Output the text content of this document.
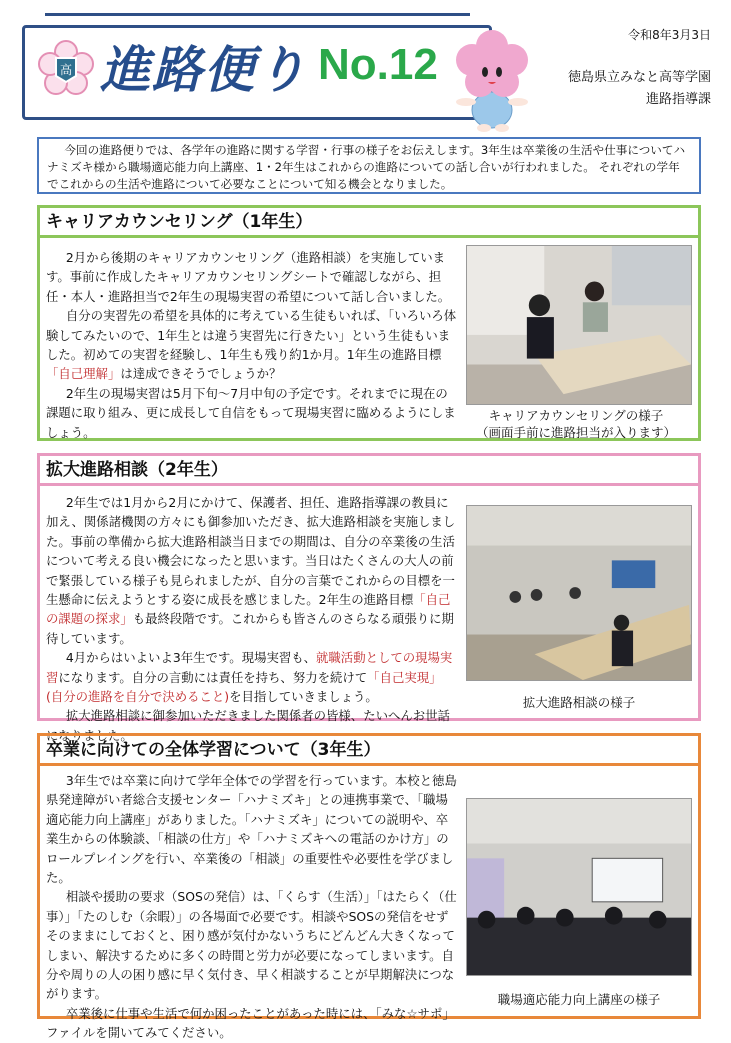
高 進路便り No.12
令和8年3月3日
徳島県立みなと高等学園
進路指導課

今回の進路便りでは、各学年の進路に関する学習・行事の様子をお伝えします。3年生は卒業後の生活や仕事についてハナミズキ様から職場適応能力向上講座、1・2年生はこれからの進路についての話し合いが行われました。 それぞれの学年でこれからの生活や進路について必要なことについて知る機会となりました。

キャリアカウンセリング（1年生）

2月から後期のキャリアカウンセリング（進路相談）を実施しています。事前に作成したキャリアカウンセリングシートで確認しながら、担任・本人・進路担当で2年生の現場実習の希望について話し合いました。

自分の実習先の希望を具体的に考えている生徒もいれば、「いろいろ体験してみたいので、1年生とは違う実習先に行きたい」という生徒もいました。初めての実習を経験し、1年生も残り約1か月。1年生の進路目標「自己理解」は達成できそうでしょうか？

2年生の現場実習は5月下旬～7月中旬の予定です。それまでに現在の課題に取り組み、更に成長して自信をもって現場実習に臨めるようにしましょう。

キャリアカウンセリングの様子
（画面手前に進路担当が入ります）
拡大進路相談（2年生）

2年生では1月から2月にかけて、保護者、担任、進路指導課の教員に加え、関係諸機関の方々にも御参加いただき、拡大進路相談を実施しました。事前の準備から拡大進路相談当日までの期間は、自分の卒業後の生活について考える良い機会になったと思います。当日はたくさんの大人の前で緊張している様子も見られましたが、自分の言葉でこれからの目標を一生懸命に伝えようとする姿に成長を感じました。2年生の進路目標「自己の課題の探求」も最終段階です。これからも皆さんのさらなる頑張りに期待しています。

4月からはいよいよ3年生です。現場実習も、就職活動としての現場実習になります。自分の言動には責任を持ち、努力を続けて「自己実現」(自分の進路を自分で決めること)を目指していきましょう。

拡大進路相談に御参加いただきました関係者の皆様、たいへんお世話になりました。

拡大進路相談の様子
卒業に向けての全体学習について（3年生）

3年生では卒業に向けて学年全体での学習を行っています。本校と徳島県発達障がい者総合支援センター「ハナミズキ」との連携事業で、「職場適応能力向上講座」がありました。「ハナミズキ」についての説明や、卒業生からの体験談、「相談の仕方」や「ハナミズキへの電話のかけ方」のロールプレイングを行い、卒業後の「相談」の重要性や必要性を学びました。

相談や援助の要求（SOSの発信）は、「くらす（生活）」「はたらく（仕事）」「たのしむ（余暇）」の各場面で必要です。相談やSOSの発信をせずそのままにしておくと、困り感が気付かないうちにどんどん大きくなってしまい、解決するために多くの時間と労力が必要になってしまいます。自分や周りの人の困り感に早く気付き、早く相談することが早期解決につながります。

卒業後に仕事や生活で何か困ったことがあった時には、「みな☆サポ」ファイルを開いてみてください。

職場適応能力向上講座の様子
